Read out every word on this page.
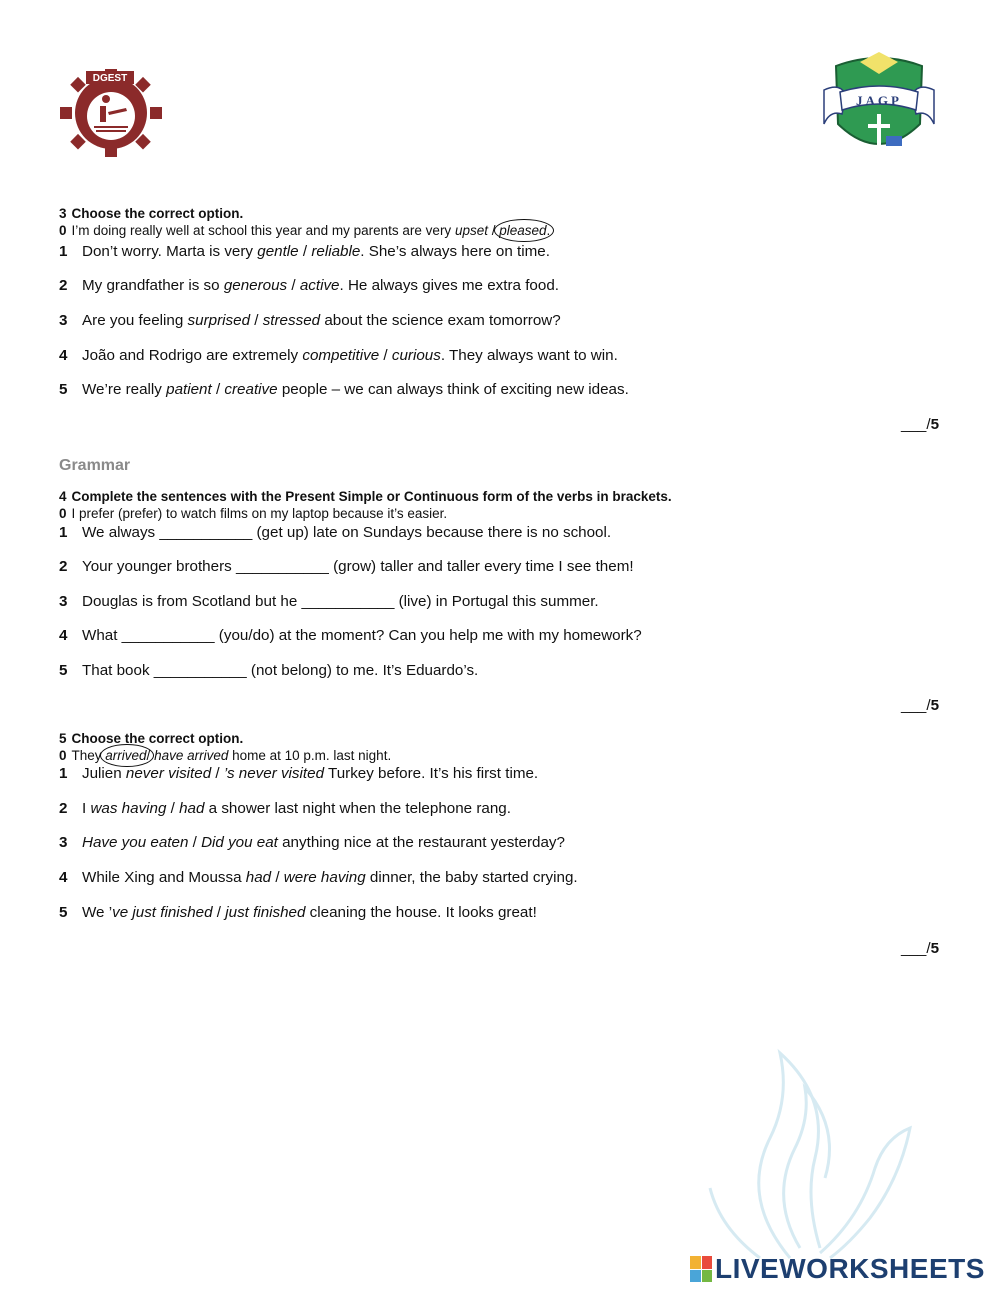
DGEST
JAGP
3 Choose the correct option.
0 I’m doing really well at school this year and my parents are very upset / pleased.
1 Don’t worry. Marta is very gentle / reliable. She’s always here on time.
2 My grandfather is so generous / active. He always gives me extra food.
3 Are you feeling surprised / stressed about the science exam tomorrow?
4 João and Rodrigo are extremely competitive / curious. They always want to win.
5 We’re really patient / creative people – we can always think of exciting new ideas.
___/5
Grammar
4 Complete the sentences with the Present Simple or Continuous form of the verbs in brackets.
0 I prefer (prefer) to watch films on my laptop because it’s easier.
1 We always ___________ (get up) late on Sundays because there is no school.
2 Your younger brothers ___________ (grow) taller and taller every time I see them!
3 Douglas is from Scotland but he ___________ (live) in Portugal this summer.
4 What ___________ (you/do) at the moment? Can you help me with my homework?
5 That book ___________ (not belong) to me. It’s Eduardo’s.
___/5
5 Choose the correct option.
0 They arrived/ have arrived home at 10 p.m. last night.
1 Julien never visited / ’s never visited Turkey before. It’s his first time.
2 I was having / had a shower last night when the telephone rang.
3 Have you eaten / Did you eat anything nice at the restaurant yesterday?
4 While Xing and Moussa had / were having dinner, the baby started crying.
5 We ’ve just finished / just finished cleaning the house. It looks great!
___/5
LIVEWORKSHEETS
